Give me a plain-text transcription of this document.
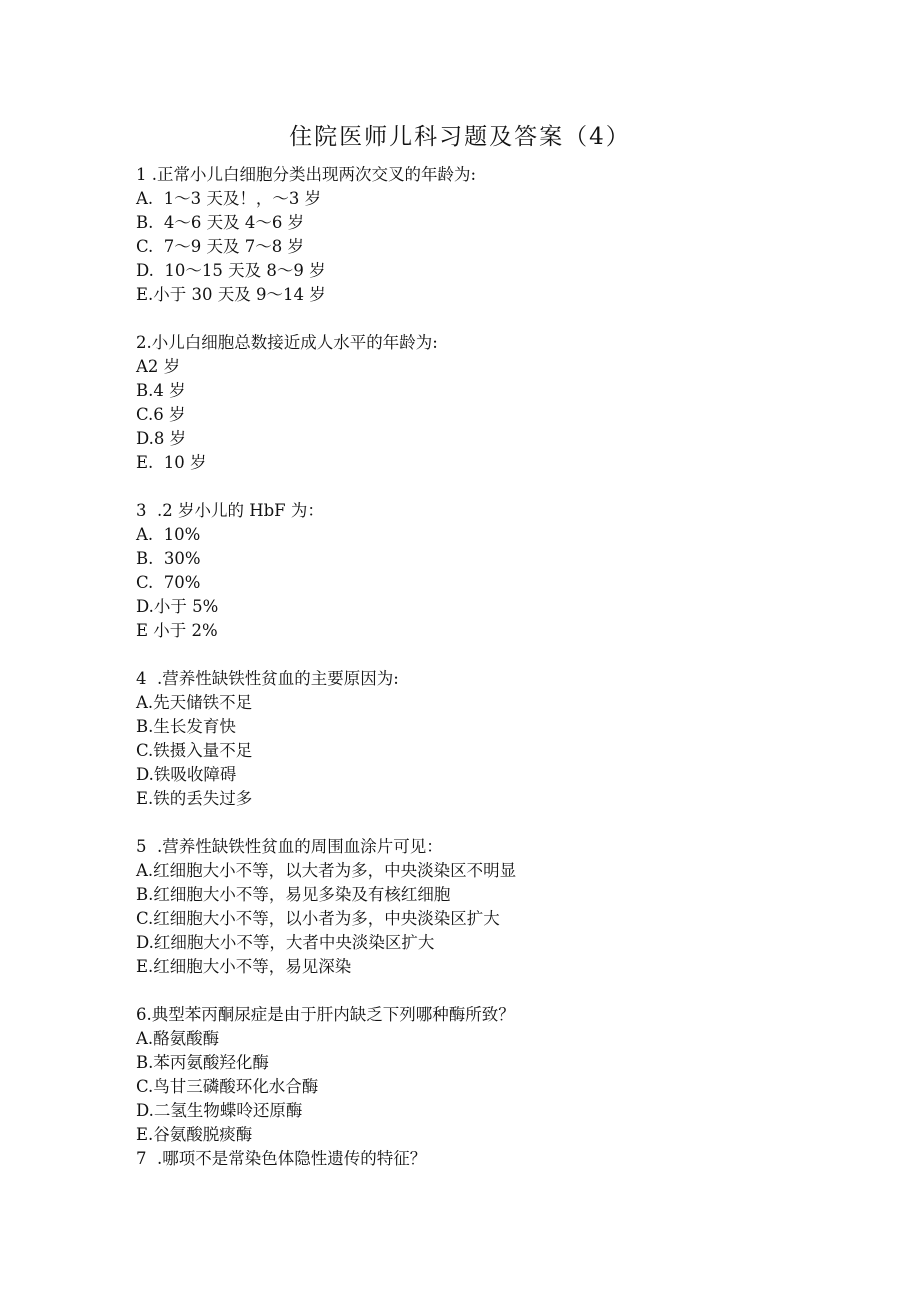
住院医师儿科习题及答案（4）

1 .正常小儿白细胞分类出现两次交叉的年龄为:

A.  1～3 天及！，～3 岁

B.  4～6 天及 4～6 岁

C.  7～9 天及 7～8 岁

D.  10～15 天及 8～9 岁

E.小于 30 天及 9～14 岁

2.小儿白细胞总数接近成人水平的年龄为:

A2 岁

B.4 岁

C.6 岁

D.8 岁

E.  10 岁

3  .2 岁小儿的 HbF 为：

A.  10%

B.  30%

C.  70%

D.小于 5%

E 小于 2%

4  .营养性缺铁性贫血的主要原因为:

A.先天储铁不足

B.生长发育快

C.铁摄入量不足

D.铁吸收障碍

E.铁的丢失过多

5  .营养性缺铁性贫血的周围血涂片可见：

A.红细胞大小不等，以大者为多，中央淡染区不明显

B.红细胞大小不等，易见多染及有核红细胞

C.红细胞大小不等，以小者为多，中央淡染区扩大

D.红细胞大小不等，大者中央淡染区扩大

E.红细胞大小不等，易见深染

6.典型苯丙酮尿症是由于肝内缺乏下列哪种酶所致？

A.酪氨酸酶

B.苯丙氨酸羟化酶

C.鸟甘三磷酸环化水合酶

D.二氢生物蝶呤还原酶

E.谷氨酸脱痰酶

7  .哪项不是常染色体隐性遗传的特征？
